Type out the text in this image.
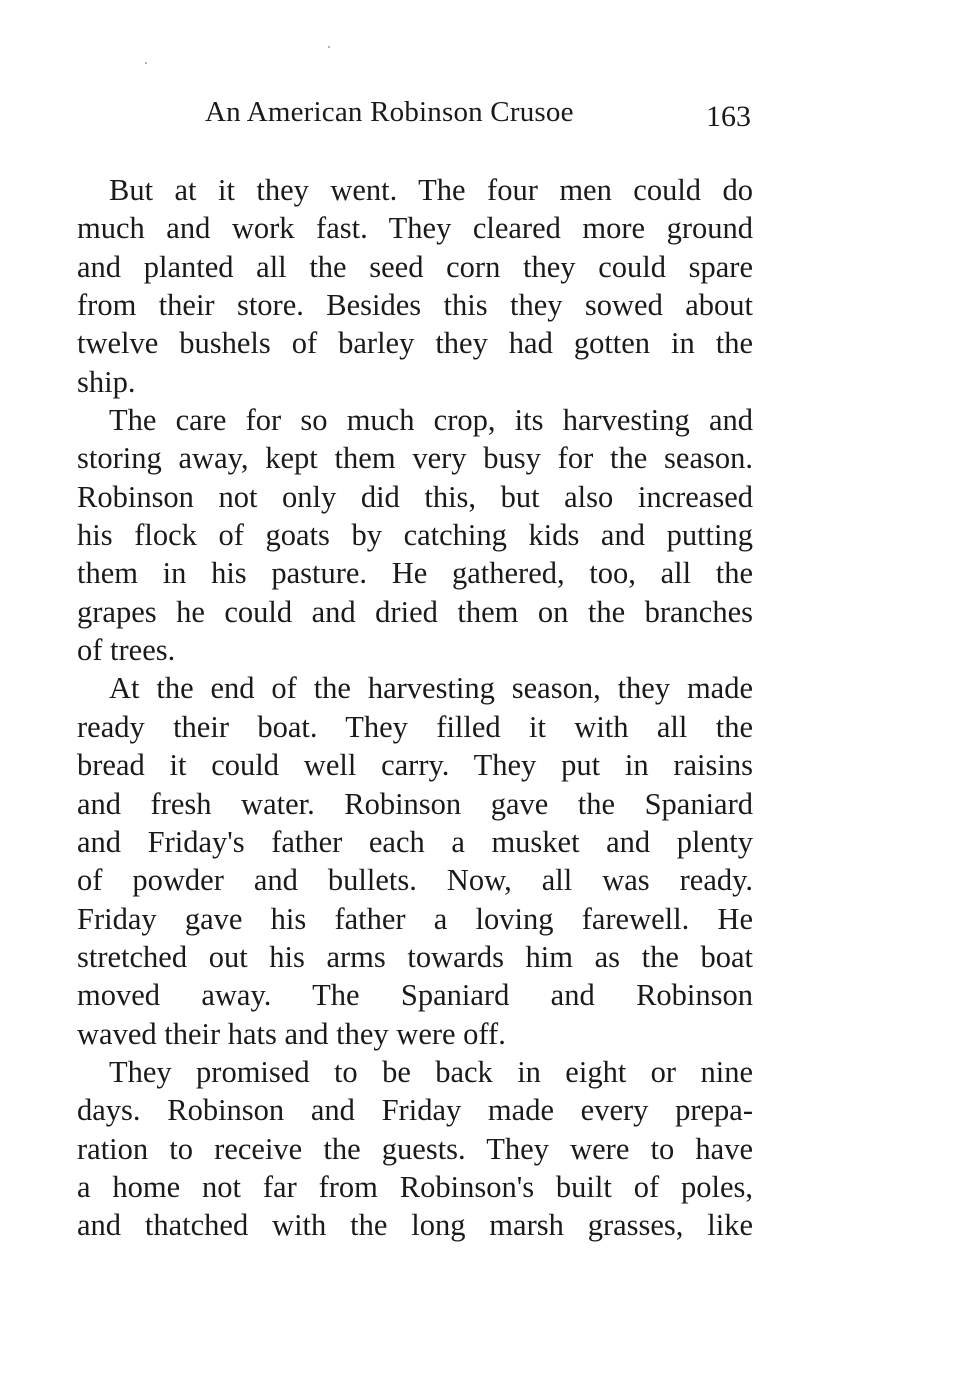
An American Robinson Crusoe	163
But at it they went. The four men could do
much and work fast. They cleared more ground
and planted all the seed corn they could spare
from their store. Besides this they sowed about
twelve bushels of barley they had gotten in the
ship.
The care for so much crop, its harvesting and
storing away, kept them very busy for the season.
Robinson not only did this, but also increased
his flock of goats by catching kids and putting
them in his pasture. He gathered, too, all the
grapes he could and dried them on the branches
of trees.
At the end of the harvesting season, they made
ready their boat. They filled it with all the
bread it could well carry. They put in raisins
and fresh water. Robinson gave the Spaniard
and Friday's father each a musket and plenty
of powder and bullets. Now, all was ready.
Friday gave his father a loving farewell. He
stretched out his arms towards him as the boat
moved away. The Spaniard and Robinson
waved their hats and they were off.
They promised to be back in eight or nine
days. Robinson and Friday made every prepa-
ration to receive the guests. They were to have
a home not far from Robinson's built of poles,
and thatched with the long marsh grasses, like
